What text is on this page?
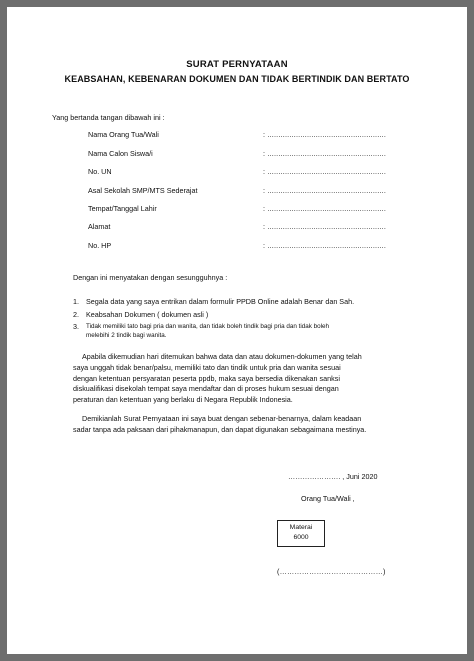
SURAT PERNYATAAN
KEABSAHAN, KEBENARAN DOKUMEN DAN TIDAK BERTINDIK DAN BERTATO
Yang bertanda tangan dibawah ini :
Nama Orang Tua/Wali	: ......................................................
Nama Calon Siswa/i	: ......................................................
No. UN	: ......................................................
Asal Sekolah SMP/MTS Sederajat	: ......................................................
Tempat/Tanggal Lahir	: ......................................................
Alamat	: ......................................................
No. HP	: ......................................................
Dengan ini menyatakan dengan sesungguhnya :
1. Segala data yang saya entrikan dalam formulir PPDB Online adalah Benar dan Sah.
2. Keabsahan Dokumen ( dokumen asli )
3. Tidak memiliki tato bagi pria dan wanita, dan tidak boleh tindik bagi pria dan tidak boleh
melebihi 2 tindik bagi wanita.
Apabila dikemudian hari ditemukan bahwa data dan atau dokumen-dokumen yang telah
saya unggah tidak benar/palsu, memiliki tato dan tindik untuk pria dan wanita sesuai
dengan ketentuan persyaratan peserta ppdb, maka saya bersedia dikenakan sanksi
diskualifikasi disekolah tempat saya mendaftar dan di proses hukum sesuai dengan
peraturan dan ketentuan yang berlaku di Negara Republik Indonesia.
Demikianlah Surat Pernyataan ini saya buat dengan sebenar-benarnya, dalam keadaan
sadar tanpa ada paksaan dari pihakmanapun, dan dapat digunakan sebagaimana mestinya.
…………………. , Juni 2020
Orang Tua/Wali ,
Materai
6000
(……………………………………)
